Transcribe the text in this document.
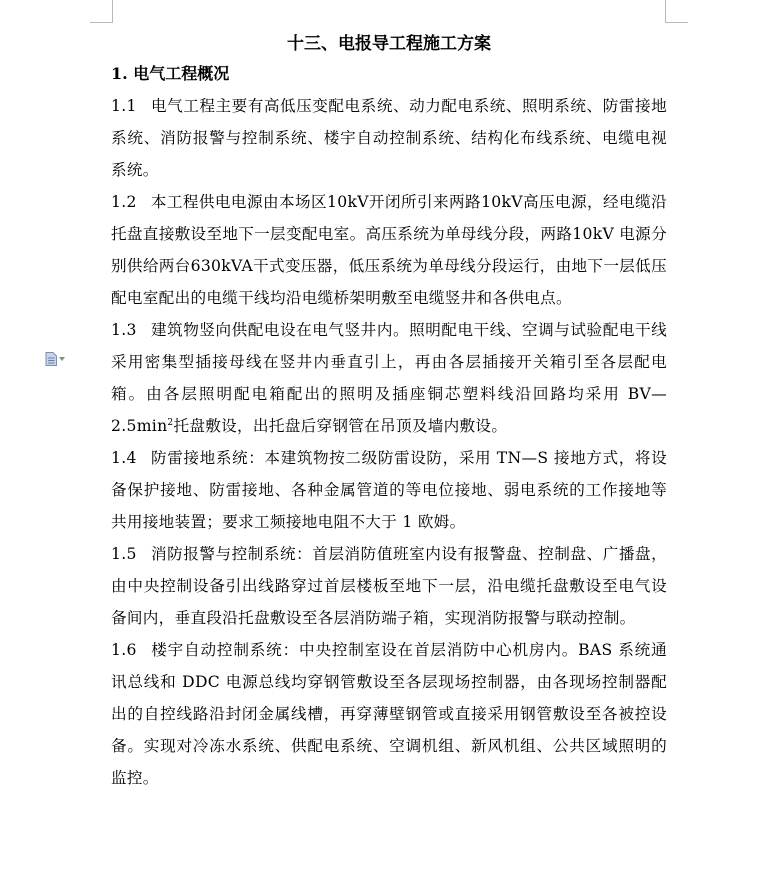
十三、电报导工程施工方案
1. 电气工程概况

1.1 电气工程主要有高低压变配电系统、动力配电系统、照明系统、防雷接地系统、消防报警与控制系统、楼宇自动控制系统、结构化布线系统、电缆电视系统。

1.2 本工程供电电源由本场区10kV开闭所引来两路10kV高压电源，经电缆沿托盘直接敷设至地下一层变配电室。高压系统为单母线分段，两路10kV 电源分别供给两台630kVA干式变压器，低压系统为单母线分段运行，由地下一层低压配电室配出的电缆干线均沿电缆桥架明敷至电缆竖井和各供电点。

1.3 建筑物竖向供配电设在电气竖井内。照明配电干线、空调与试验配电干线采用密集型插接母线在竖井内垂直引上，再由各层插接开关箱引至各层配电箱。由各层照明配电箱配出的照明及插座铜芯塑料线沿回路均采用 $BV—2.5\min^2$托盘敷设，出托盘后穿钢管在吊顶及墙内敷设。

1.4 防雷接地系统：本建筑物按二级防雷设防，采用 TN—S 接地方式，将设备保护接地、防雷接地、各种金属管道的等电位接地、弱电系统的工作接地等共用接地装置；要求工频接地电阻不大于 1 欧姆。

1.5 消防报警与控制系统：首层消防值班室内设有报警盘、控制盘、广播盘，由中央控制设备引出线路穿过首层楼板至地下一层，沿电缆托盘敷设至电气设备间内，垂直段沿托盘敷设至各层消防端子箱，实现消防报警与联动控制。

1.6 楼宇自动控制系统：中央控制室设在首层消防中心机房内。BAS 系统通讯总线和 DDC 电源总线均穿钢管敷设至各层现场控制器，由各现场控制器配出的自控线路沿封闭金属线槽，再穿薄壁钢管或直接采用钢管敷设至各被控设备。实现对冷冻水系统、供配电系统、空调机组、新风机组、公共区域照明的监控。
